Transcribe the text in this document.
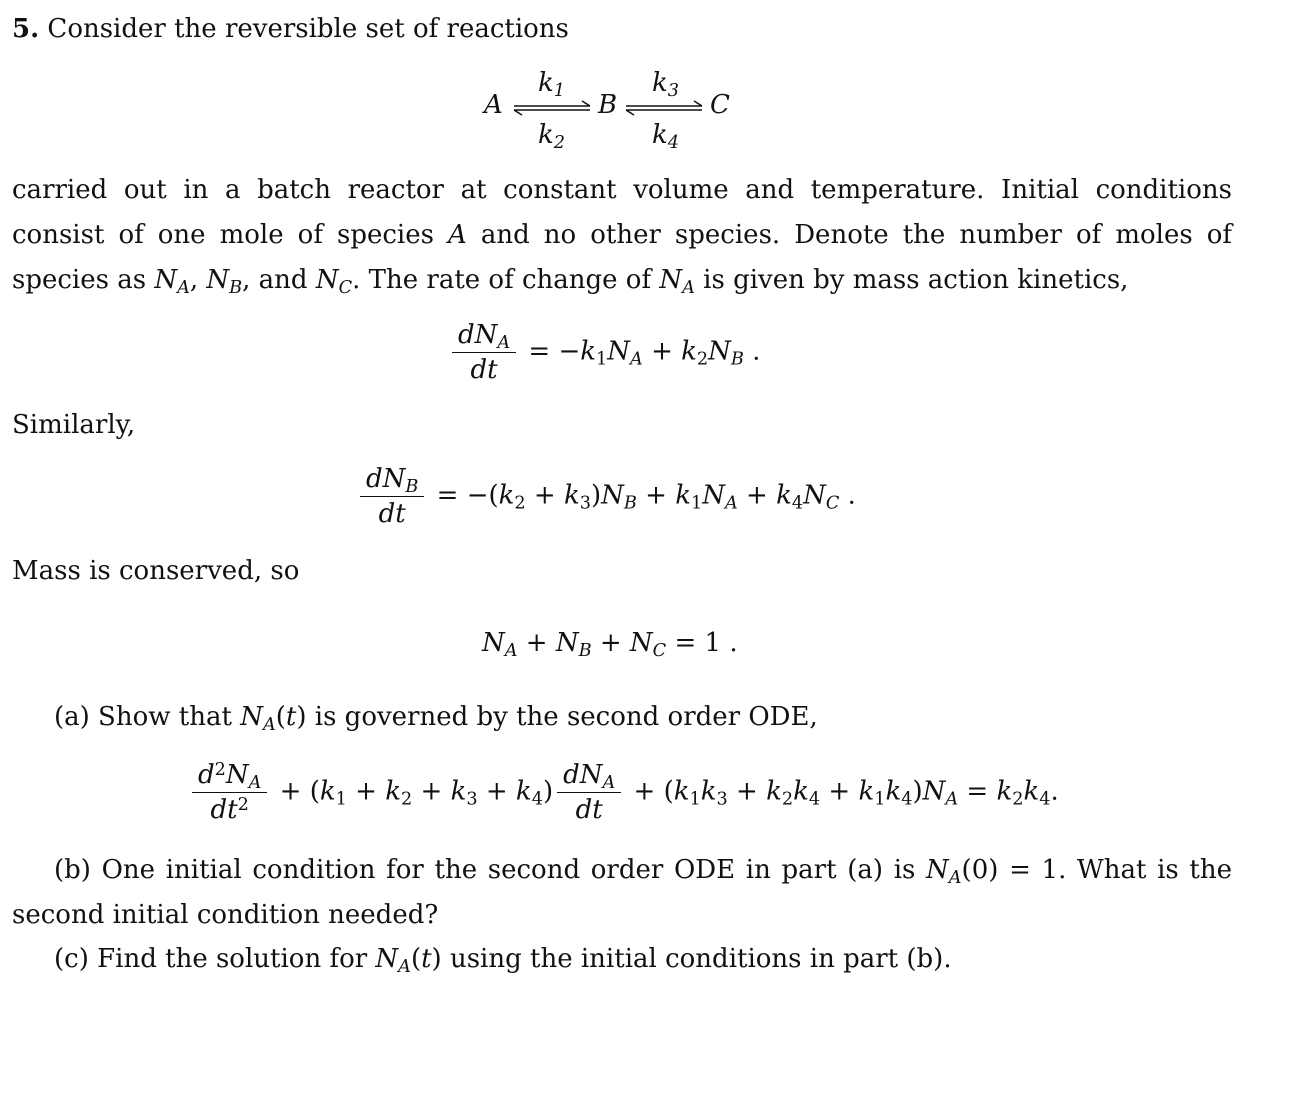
5. Consider the reversible set of reactions
A
$k_1$
$k_2$
⇌ B
$k_3$
$k_4$
⇌ C
carried out in a batch reactor at constant volume and temperature. Initial conditions consist of one mole of species A and no other species. Denote the number of moles of species as $N_A$, $N_B$, and $N_C$. The rate of change of $N_A$ is given by mass action kinetics,
$\frac{dN_A}{dt} = -k_1N_A + k_2N_B$ .
Similarly,
$\frac{dN_B}{dt} = -(k_2 + k_3)N_B + k_1N_A + k_4N_C$ .
Mass is conserved, so
$N_A + N_B + N_C = 1$ .
(a) Show that $N_A(t)$ is governed by the second order ODE,
$\frac{d^2N_A}{dt^2} + (k_1 + k_2 + k_3 + k_4) \frac{dN_A}{dt} + (k_1k_3 + k_2k_4 + k_1k_4)N_A = k_2k_4$.
(b) One initial condition for the second order ODE in part (a) is $N_A(0) = 1$. What is the second initial condition needed?
(c) Find the solution for $N_A(t)$ using the initial conditions in part (b).
